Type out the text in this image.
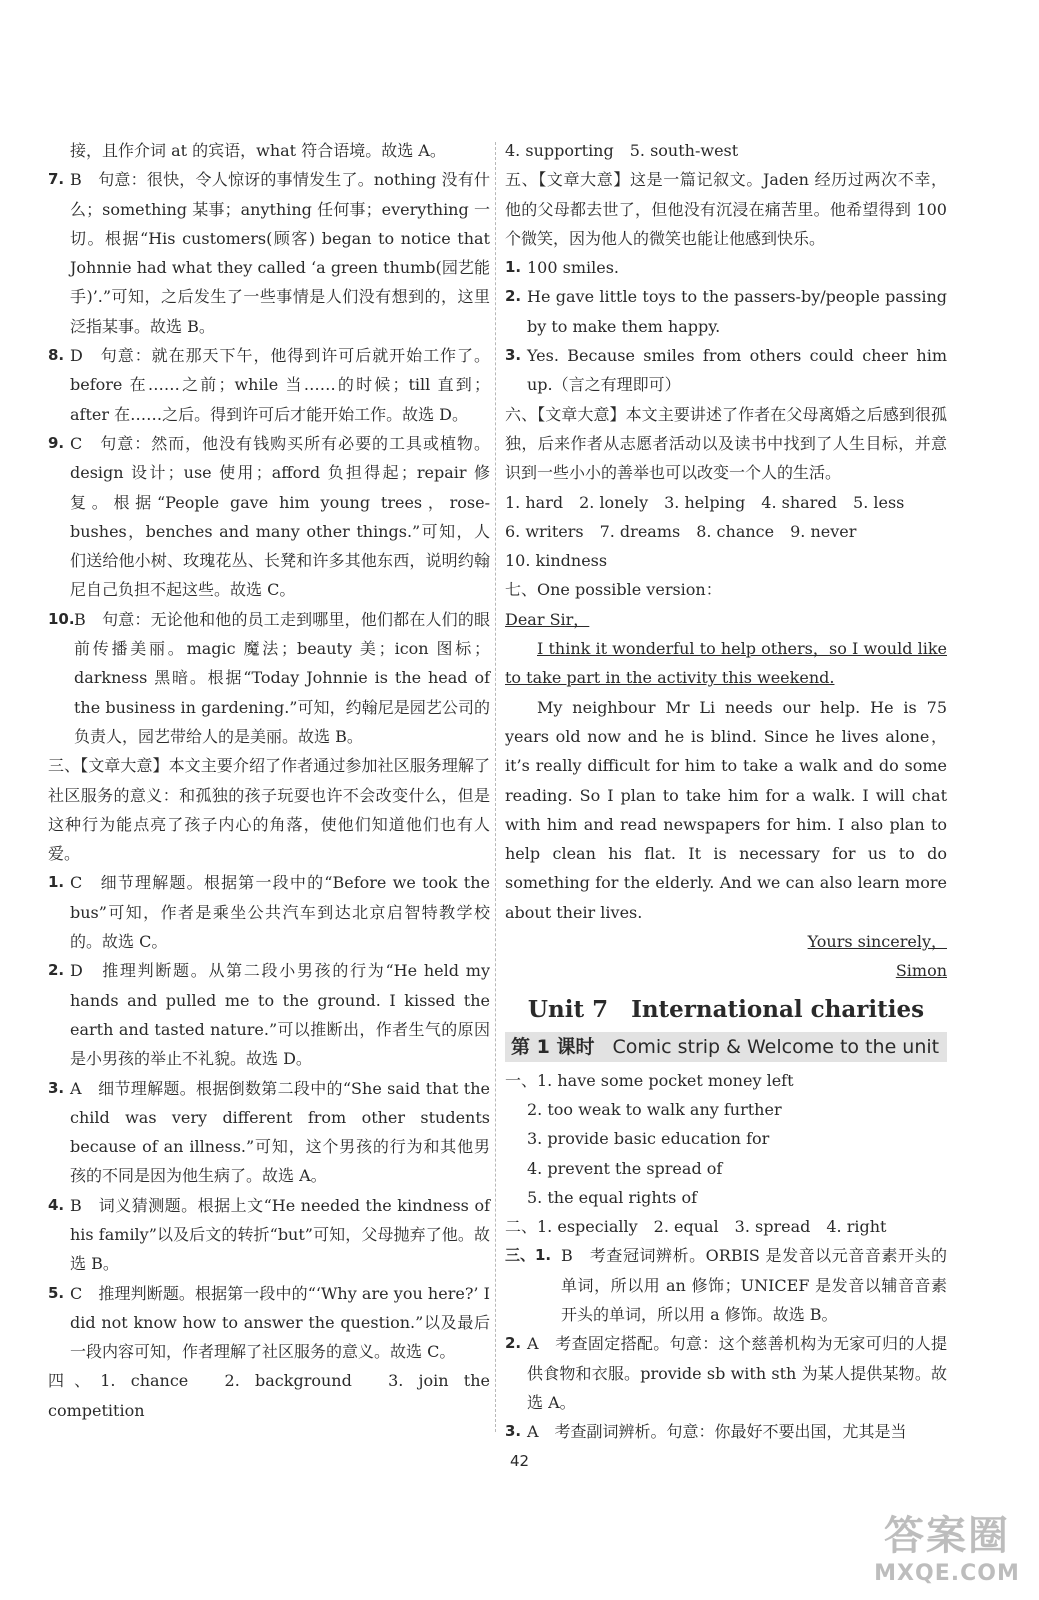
接，且作介词 at 的宾语，what 符合语境。故选 A。
7. B　句意：很快，令人惊讶的事情发生了。nothing 没有什么；something 某事；anything 任何事；everything 一切。根据“His customers(顾客) began to notice that Johnnie had what they called ‘a green thumb(园艺能手)’.”可知，之后发生了一些事情是人们没有想到的，这里泛指某事。故选 B。
8. D　句意：就在那天下午，他得到许可后就开始工作了。before 在……之前；while 当……的时候；till 直到；after 在……之后。得到许可后才能开始工作。故选 D。
9. C　句意：然而，他没有钱购买所有必要的工具或植物。design 设计；use 使用；afford 负担得起；repair 修复。根据“People gave him young trees，rose-bushes，benches and many other things.”可知，人们送给他小树、玫瑰花丛、长凳和许多其他东西，说明约翰尼自己负担不起这些。故选 C。
10. B　句意：无论他和他的员工走到哪里，他们都在人们的眼前传播美丽。magic 魔法；beauty 美；icon 图标；darkness 黑暗。根据“Today Johnnie is the head of the business in gardening.”可知，约翰尼是园艺公司的负责人，园艺带给人的是美丽。故选 B。
三、【文章大意】本文主要介绍了作者通过参加社区服务理解了社区服务的意义：和孤独的孩子玩耍也许不会改变什么，但是这种行为能点亮了孩子内心的角落，使他们知道他们也有人爱。
1. C　细节理解题。根据第一段中的“Before we took the bus”可知，作者是乘坐公共汽车到达北京启智特教学校的。故选 C。
2. D　推理判断题。从第二段小男孩的行为“He held my hands and pulled me to the ground. I kissed the earth and tasted nature.”可以推断出，作者生气的原因是小男孩的举止不礼貌。故选 D。
3. A　细节理解题。根据倒数第二段中的“She said that the child was very different from other students because of an illness.”可知，这个男孩的行为和其他男孩的不同是因为他生病了。故选 A。
4. B　词义猜测题。根据上文“He needed the kindness of his family”以及后文的转折“but”可知，父母抛弃了他。故选 B。
5. C　推理判断题。根据第一段中的“‘Why are you here?’ I did not know how to answer the question.”以及最后一段内容可知，作者理解了社区服务的意义。故选 C。
四、1. chance　2. background　3. join the competition
4. supporting　5. south-west
五、【文章大意】这是一篇记叙文。Jaden 经历过两次不幸，他的父母都去世了，但他没有沉浸在痛苦里。他希望得到 100 个微笑，因为他人的微笑也能让他感到快乐。
1. 100 smiles.
2. He gave little toys to the passers-by/people passing by to make them happy.
3. Yes. Because smiles from others could cheer him up.（言之有理即可）
六、【文章大意】本文主要讲述了作者在父母离婚之后感到很孤独，后来作者从志愿者活动以及读书中找到了人生目标，并意识到一些小小的善举也可以改变一个人的生活。
1. hard　2. lonely　3. helping　4. shared　5. less
6. writers　7. dreams　8. chance　9. never
10. kindness
七、One possible version：
Dear Sir，
I think it wonderful to help others，so I would like to take part in the activity this weekend.
My neighbour Mr Li needs our help. He is 75 years old now and he is blind. Since he lives alone，it’s really difficult for him to take a walk and do some reading. So I plan to take him for a walk. I will chat with him and read newspapers for him. I also plan to help clean his flat. It is necessary for us to do something for the elderly. And we can also learn more about their lives.
Yours sincerely，
Simon
Unit 7　International charities
第 1 课时 Comic strip & Welcome to the unit
一、1. have some pocket money left
2. too weak to walk any further
3. provide basic education for
4. prevent the spread of
5. the equal rights of
二、1. especially　2. equal　3. spread　4. right
三、1. B　考查冠词辨析。ORBIS 是发音以元音音素开头的单词，所以用 an 修饰；UNICEF 是发音以辅音音素开头的单词，所以用 a 修饰。故选 B。
2. A　考查固定搭配。句意：这个慈善机构为无家可归的人提供食物和衣服。provide sb with sth 为某人提供某物。故选 A。
3. A　考查副词辨析。句意：你最好不要出国，尤其是当
42
答案圈
MXQE.COM
